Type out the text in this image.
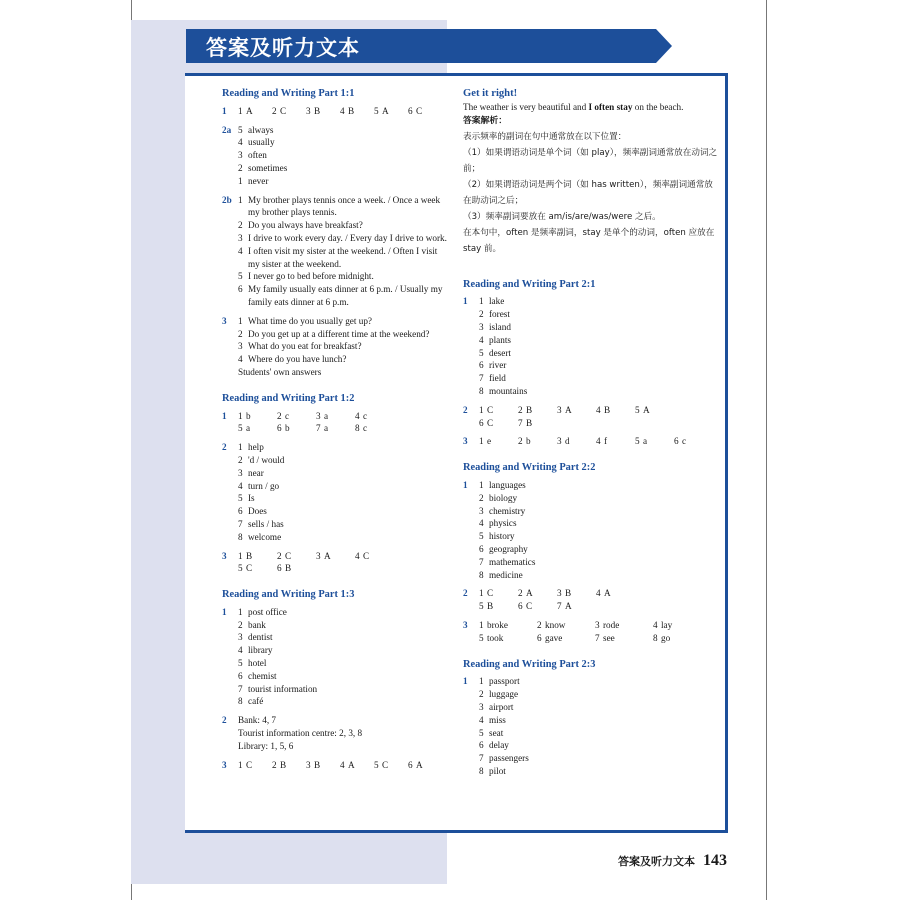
答案及听力文本
Reading and Writing Part 1:1
1	1 A	2 C	3 B	4 B	5 A	6 C
2a 5 always
4 usually
3 often
2 sometimes
1 never
2b 1 My brother plays tennis once a week. / Once a week my brother plays tennis.
2 Do you always have breakfast?
3 I drive to work every day. / Every day I drive to work.
4 I often visit my sister at the weekend. / Often I visit my sister at the weekend.
5 I never go to bed before midnight.
6 My family usually eats dinner at 6 p.m. / Usually my family eats dinner at 6 p.m.
3	1 What time do you usually get up?
2 Do you get up at a different time at the weekend?
3 What do you eat for breakfast?
4 Where do you have lunch?
Students' own answers
Reading and Writing Part 1:2
1	1 b	2 c	3 a	4 c
5 a	6 b	7 a	8 c
2	1 help
2 'd / would
3 near
4 turn / go
5 Is
6 Does
7 sells / has
8 welcome
3	1 B	2 C	3 A	4 C
5 C	6 B
Reading and Writing Part 1:3
1	1 post office
2 bank
3 dentist
4 library
5 hotel
6 chemist
7 tourist information
8 café
2	Bank: 4, 7
Tourist information centre: 2, 3, 8
Library: 1, 5, 6
3	1 C	2 B	3 B	4 A	5 C	6 A
Get it right!
The weather is very beautiful and I often stay on the beach.
答案解析：
表示频率的副词在句中通常放在以下位置：
（1）如果谓语动词是单个词（如 play），频率副词通常放在动词之前；
（2）如果谓语动词是两个词（如 has written），频率副词通常放在助动词之后；
（3）频率副词要放在 am/is/are/was/were 之后。
在本句中，often 是频率副词，stay 是单个的动词，often 应放在 stay 前。
Reading and Writing Part 2:1
1	1 lake
2 forest
3 island
4 plants
5 desert
6 river
7 field
8 mountains
2	1 C	2 B	3 A	4 B	5 A
6 C	7 B
3	1 e	2 b	3 d	4 f	5 a	6 c
Reading and Writing Part 2:2
1	1 languages
2 biology
3 chemistry
4 physics
5 history
6 geography
7 mathematics
8 medicine
2	1 C	2 A	3 B	4 A
5 B	6 C	7 A
3	1 broke	2 know	3 rode	4 lay
5 took	6 gave	7 see	8 go
Reading and Writing Part 2:3
1	1 passport
2 luggage
3 airport
4 miss
5 seat
6 delay
7 passengers
8 pilot
答案及听力文本 143
